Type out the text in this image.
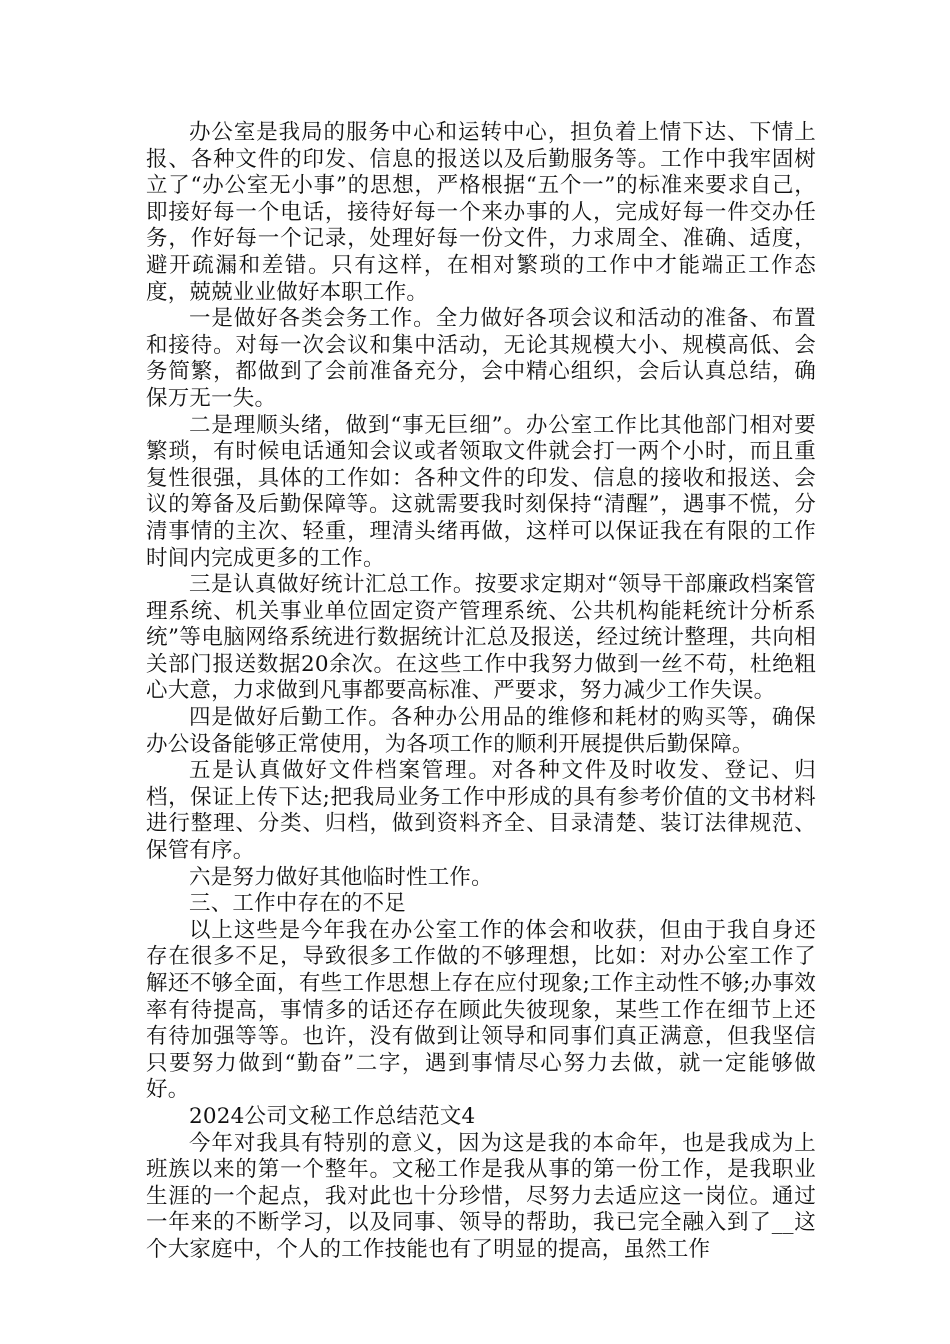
办公室是我局的服务中心和运转中心，担负着上情下达、下情上报、各种文件的印发、信息的报送以及后勤服务等。工作中我牢固树立了“办公室无小事”的思想，严格根据“五个一”的标准来要求自己，即接好每一个电话，接待好每一个来办事的人，完成好每一件交办任务，作好每一个记录，处理好每一份文件，力求周全、准确、适度，避开疏漏和差错。只有这样，在相对繁琐的工作中才能端正工作态度，兢兢业业做好本职工作。

一是做好各类会务工作。全力做好各项会议和活动的准备、布置和接待。对每一次会议和集中活动，无论其规模大小、规模高低、会务简繁，都做到了会前准备充分，会中精心组织，会后认真总结，确保万无一失。

二是理顺头绪，做到“事无巨细”。办公室工作比其他部门相对要繁琐，有时候电话通知会议或者领取文件就会打一两个小时，而且重复性很强，具体的工作如：各种文件的印发、信息的接收和报送、会议的筹备及后勤保障等。这就需要我时刻保持“清醒”，遇事不慌，分清事情的主次、轻重，理清头绪再做，这样可以保证我在有限的工作时间内完成更多的工作。

三是认真做好统计汇总工作。按要求定期对“领导干部廉政档案管理系统、机关事业单位固定资产管理系统、公共机构能耗统计分析系统”等电脑网络系统进行数据统计汇总及报送，经过统计整理，共向相关部门报送数据20余次。在这些工作中我努力做到一丝不苟，杜绝粗心大意，力求做到凡事都要高标准、严要求，努力减少工作失误。

四是做好后勤工作。各种办公用品的维修和耗材的购买等，确保办公设备能够正常使用，为各项工作的顺利开展提供后勤保障。

五是认真做好文件档案管理。对各种文件及时收发、登记、归档，保证上传下达;把我局业务工作中形成的具有参考价值的文书材料进行整理、分类、归档，做到资料齐全、目录清楚、装订法律规范、保管有序。

六是努力做好其他临时性工作。

三、工作中存在的不足

以上这些是今年我在办公室工作的体会和收获，但由于我自身还存在很多不足，导致很多工作做的不够理想，比如：对办公室工作了解还不够全面，有些工作思想上存在应付现象;工作主动性不够;办事效率有待提高，事情多的话还存在顾此失彼现象，某些工作在细节上还有待加强等等。也许，没有做到让领导和同事们真正满意，但我坚信只要努力做到“勤奋”二字，遇到事情尽心努力去做，就一定能够做好。

2024公司文秘工作总结范文4

今年对我具有特别的意义，因为这是我的本命年，也是我成为上班族以来的第一个整年。文秘工作是我从事的第一份工作，是我职业生涯的一个起点，我对此也十分珍惜，尽努力去适应这一岗位。通过一年来的不断学习，以及同事、领导的帮助，我已完全融入到了__这个大家庭中，个人的工作技能也有了明显的提高，虽然工作
